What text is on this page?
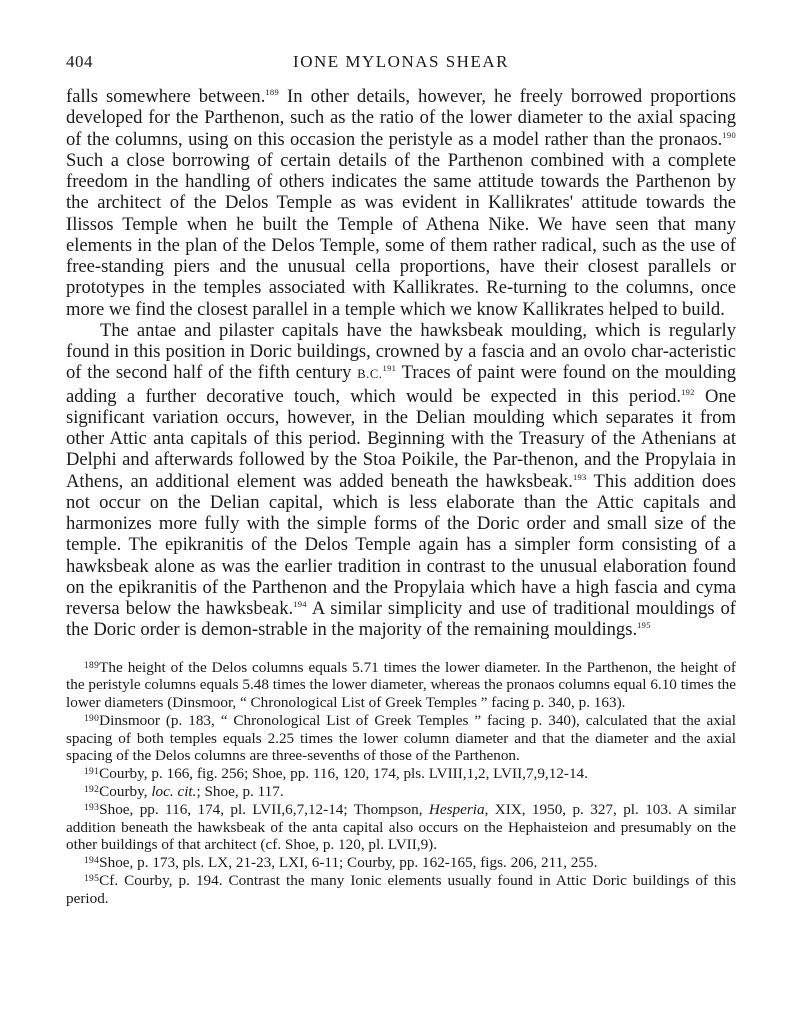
404	IONE MYLONAS SHEAR

falls somewhere between.$^{189}$ In other details, however, he freely borrowed proportions developed for the Parthenon, such as the ratio of the lower diameter to the axial spacing of the columns, using on this occasion the peristyle as a model rather than the pronaos.$^{190}$ Such a close borrowing of certain details of the Parthenon combined with a complete freedom in the handling of others indicates the same attitude towards the Parthenon by the architect of the Delos Temple as was evident in Kallikrates' attitude towards the Ilissos Temple when he built the Temple of Athena Nike. We have seen that many elements in the plan of the Delos Temple, some of them rather radical, such as the use of free-standing piers and the unusual cella proportions, have their closest parallels or prototypes in the temples associated with Kallikrates. Re-turning to the columns, once more we find the closest parallel in a temple which we know Kallikrates helped to build.

The antae and pilaster capitals have the hawksbeak moulding, which is regularly found in this position in Doric buildings, crowned by a fascia and an ovolo char-acteristic of the second half of the fifth century B.C.$^{191}$ Traces of paint were found on the moulding adding a further decorative touch, which would be expected in this period.$^{192}$ One significant variation occurs, however, in the Delian moulding which separates it from other Attic anta capitals of this period. Beginning with the Treasury of the Athenians at Delphi and afterwards followed by the Stoa Poikile, the Par-thenon, and the Propylaia in Athens, an additional element was added beneath the hawksbeak.$^{193}$ This addition does not occur on the Delian capital, which is less elaborate than the Attic capitals and harmonizes more fully with the simple forms of the Doric order and small size of the temple. The epikranitis of the Delos Temple again has a simpler form consisting of a hawksbeak alone as was the earlier tradition in contrast to the unusual elaboration found on the epikranitis of the Parthenon and the Propylaia which have a high fascia and cyma reversa below the hawksbeak.$^{194}$ A similar simplicity and use of traditional mouldings of the Doric order is demon-strable in the majority of the remaining mouldings.$^{195}$

$^{189}$The height of the Delos columns equals 5.71 times the lower diameter. In the Parthenon, the height of the peristyle columns equals 5.48 times the lower diameter, whereas the pronaos columns equal 6.10 times the lower diameters (Dinsmoor, “ Chronological List of Greek Temples ” facing p. 340, p. 163).

$^{190}$Dinsmoor (p. 183, “ Chronological List of Greek Temples ” facing p. 340), calculated that the axial spacing of both temples equals 2.25 times the lower column diameter and that the diameter and the axial spacing of the Delos columns are three-sevenths of those of the Parthenon.

$^{191}$Courby, p. 166, fig. 256; Shoe, pp. 116, 120, 174, pls. LVIII,1,2, LVII,7,9,12-14.

$^{192}$Courby, loc. cit.; Shoe, p. 117.

$^{193}$Shoe, pp. 116, 174, pl. LVII,6,7,12-14; Thompson, Hesperia, XIX, 1950, p. 327, pl. 103. A similar addition beneath the hawksbeak of the anta capital also occurs on the Hephaisteion and presumably on the other buildings of that architect (cf. Shoe, p. 120, pl. LVII,9).

$^{194}$Shoe, p. 173, pls. LX, 21-23, LXI, 6-11; Courby, pp. 162-165, figs. 206, 211, 255.

$^{195}$Cf. Courby, p. 194. Contrast the many Ionic elements usually found in Attic Doric buildings of this period.
